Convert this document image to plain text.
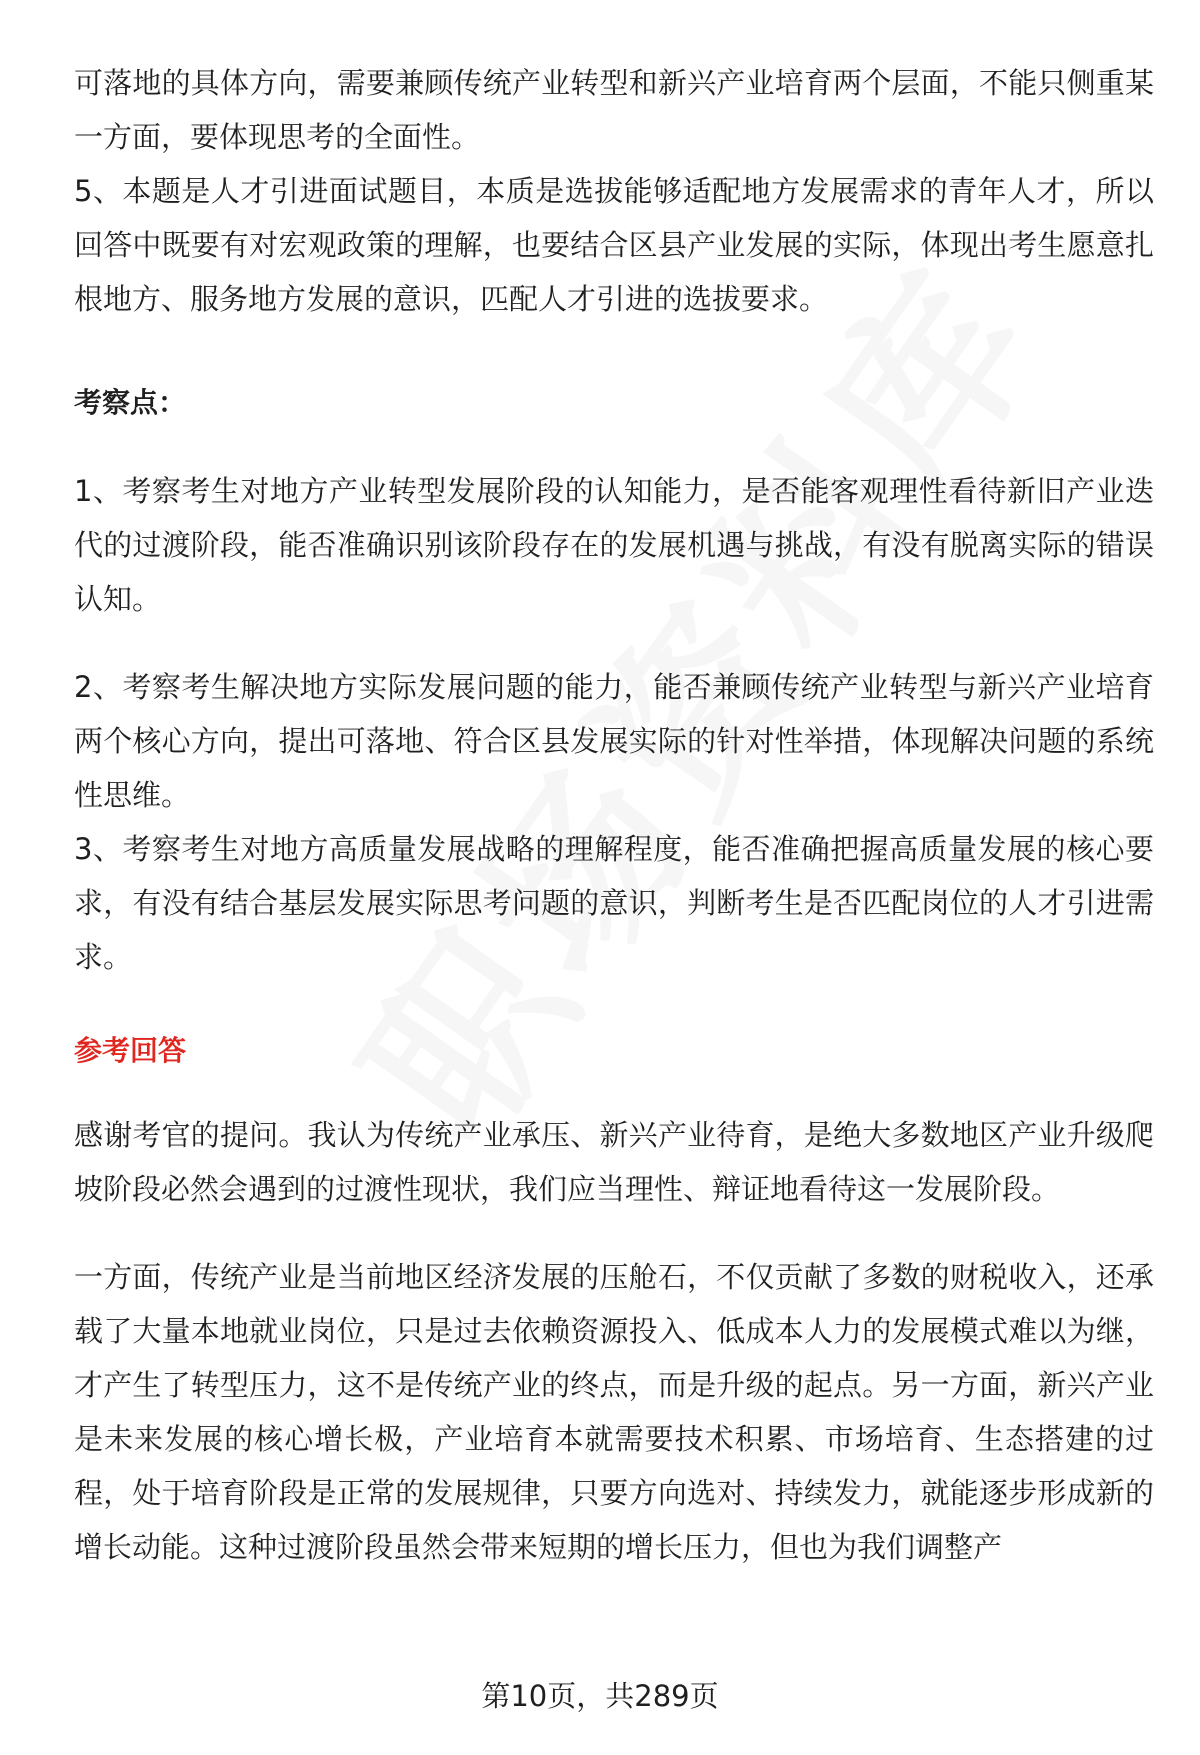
可落地的具体方向，需要兼顾传统产业转型和新兴产业培育两个层面，不能只侧重某一方面，要体现思考的全面性。

5、本题是人才引进面试题目，本质是选拔能够适配地方发展需求的青年人才，所以回答中既要有对宏观政策的理解，也要结合区县产业发展的实际，体现出考生愿意扎根地方、服务地方发展的意识，匹配人才引进的选拔要求。

考察点：

1、考察考生对地方产业转型发展阶段的认知能力，是否能客观理性看待新旧产业迭代的过渡阶段，能否准确识别该阶段存在的发展机遇与挑战，有没有脱离实际的错误认知。

2、考察考生解决地方实际发展问题的能力，能否兼顾传统产业转型与新兴产业培育两个核心方向，提出可落地、符合区县发展实际的针对性举措，体现解决问题的系统性思维。

3、考察考生对地方高质量发展战略的理解程度，能否准确把握高质量发展的核心要求，有没有结合基层发展实际思考问题的意识，判断考生是否匹配岗位的人才引进需求。

参考回答

感谢考官的提问。我认为传统产业承压、新兴产业待育，是绝大多数地区产业升级爬坡阶段必然会遇到的过渡性现状，我们应当理性、辩证地看待这一发展阶段。

一方面，传统产业是当前地区经济发展的压舱石，不仅贡献了多数的财税收入，还承载了大量本地就业岗位，只是过去依赖资源投入、低成本人力的发展模式难以为继，才产生了转型压力，这不是传统产业的终点，而是升级的起点。另一方面，新兴产业是未来发展的核心增长极，产业培育本就需要技术积累、市场培育、生态搭建的过程，处于培育阶段是正常的发展规律，只要方向选对、持续发力，就能逐步形成新的增长动能。这种过渡阶段虽然会带来短期的增长压力，但也为我们调整产

第10页，共289页
